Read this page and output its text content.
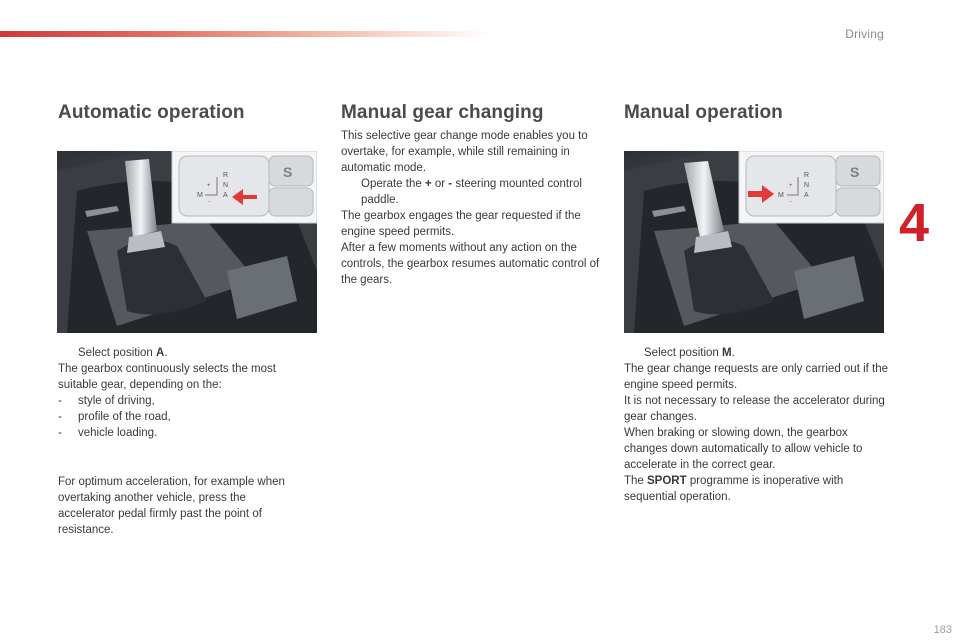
Driving
4
183
Automatic operation
S
R
N
A
M
+
-
Select position A.

The gearbox continuously selects the most suitable gear, depending on the:

- style of driving,
- profile of the road,
- vehicle loading.

For optimum acceleration, for example when overtaking another vehicle, press the accelerator pedal firmly past the point of resistance.

Manual gear changing

This selective gear change mode enables you to overtake, for example, while still remaining in automatic mode.

Operate the + or - steering mounted control paddle.

The gearbox engages the gear requested if the engine speed permits.

After a few moments without any action on the controls, the gearbox resumes automatic control of the gears.

Manual operation
S
R
N
A
M
+
-
Select position M.

The gear change requests are only carried out if the engine speed permits.

It is not necessary to release the accelerator during gear changes.

When braking or slowing down, the gearbox changes down automatically to allow vehicle to accelerate in the correct gear.

The SPORT programme is inoperative with sequential operation.
